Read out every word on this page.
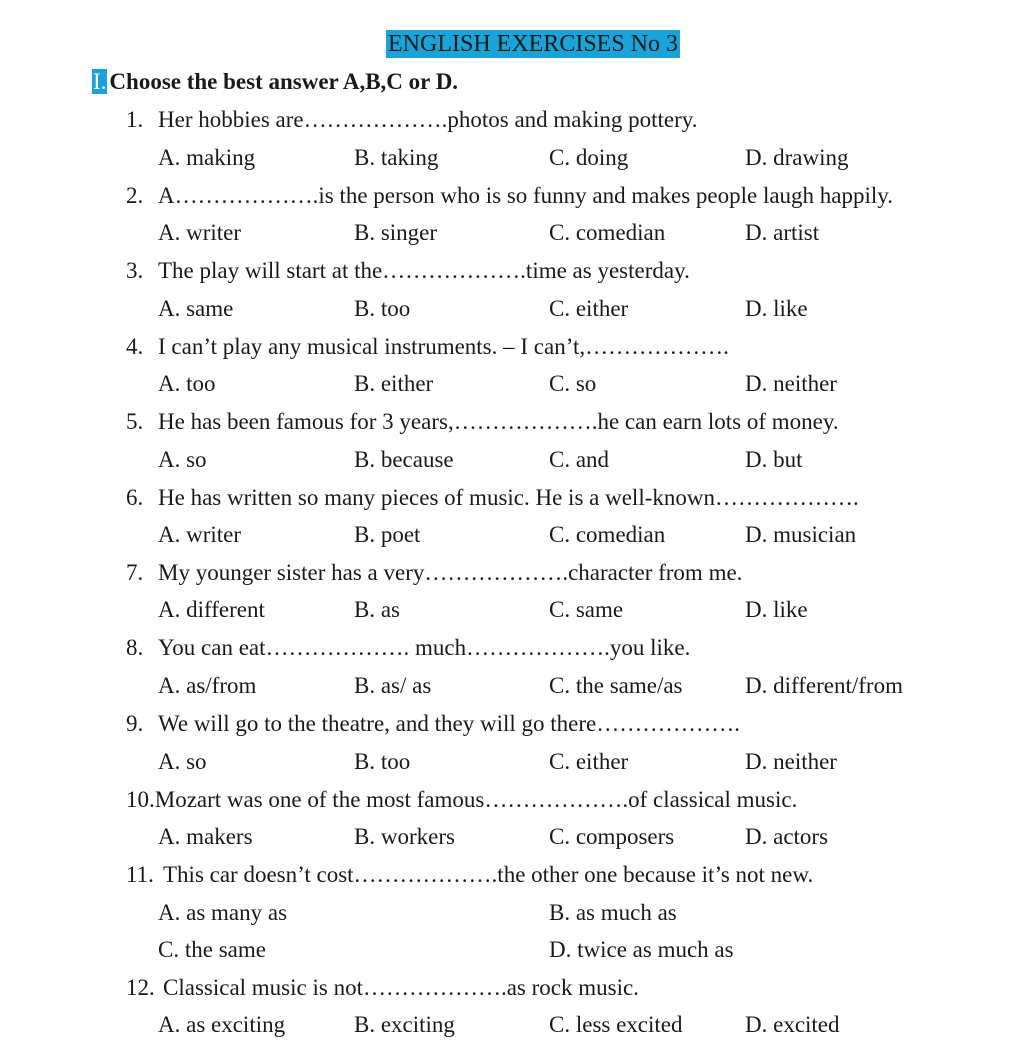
ENGLISH EXERCISES No 3
I. Choose the best answer A,B,C or D.
1. Her hobbies are……………….photos and making pottery.
A. making	B. taking	C. doing	D. drawing
2. A……………….is the person who is so funny and makes people laugh happily.
A. writer	B. singer	C. comedian	D. artist
3. The play will start at the……………….time as yesterday.
A. same	B. too	C. either	D. like
4. I can’t play any musical instruments. – I can’t,……………….
A. too	B. either	C. so	D. neither
5. He has been famous for 3 years,……………….he can earn lots of money.
A. so	B. because	C. and	D. but
6. He has written so many pieces of music. He is a well-known……………….
A. writer	B. poet	C. comedian	D. musician
7. My younger sister has a very……………….character from me.
A. different	B. as	C. same	D. like
8. You can eat………………. much……………….you like.
A. as/from	B. as/ as	C. the same/as	D. different/from
9. We will go to the theatre, and they will go there……………….
A. so	B. too	C. either	D. neither
10.Mozart was one of the most famous……………….of classical music.
A. makers	B. workers	C. composers	D. actors
11. This car doesn’t cost……………….the other one because it’s not new.
A. as many as	B. as much as
C. the same	D. twice as much as
12. Classical music is not……………….as rock music.
A. as exciting	B. exciting	C. less excited	D. excited
